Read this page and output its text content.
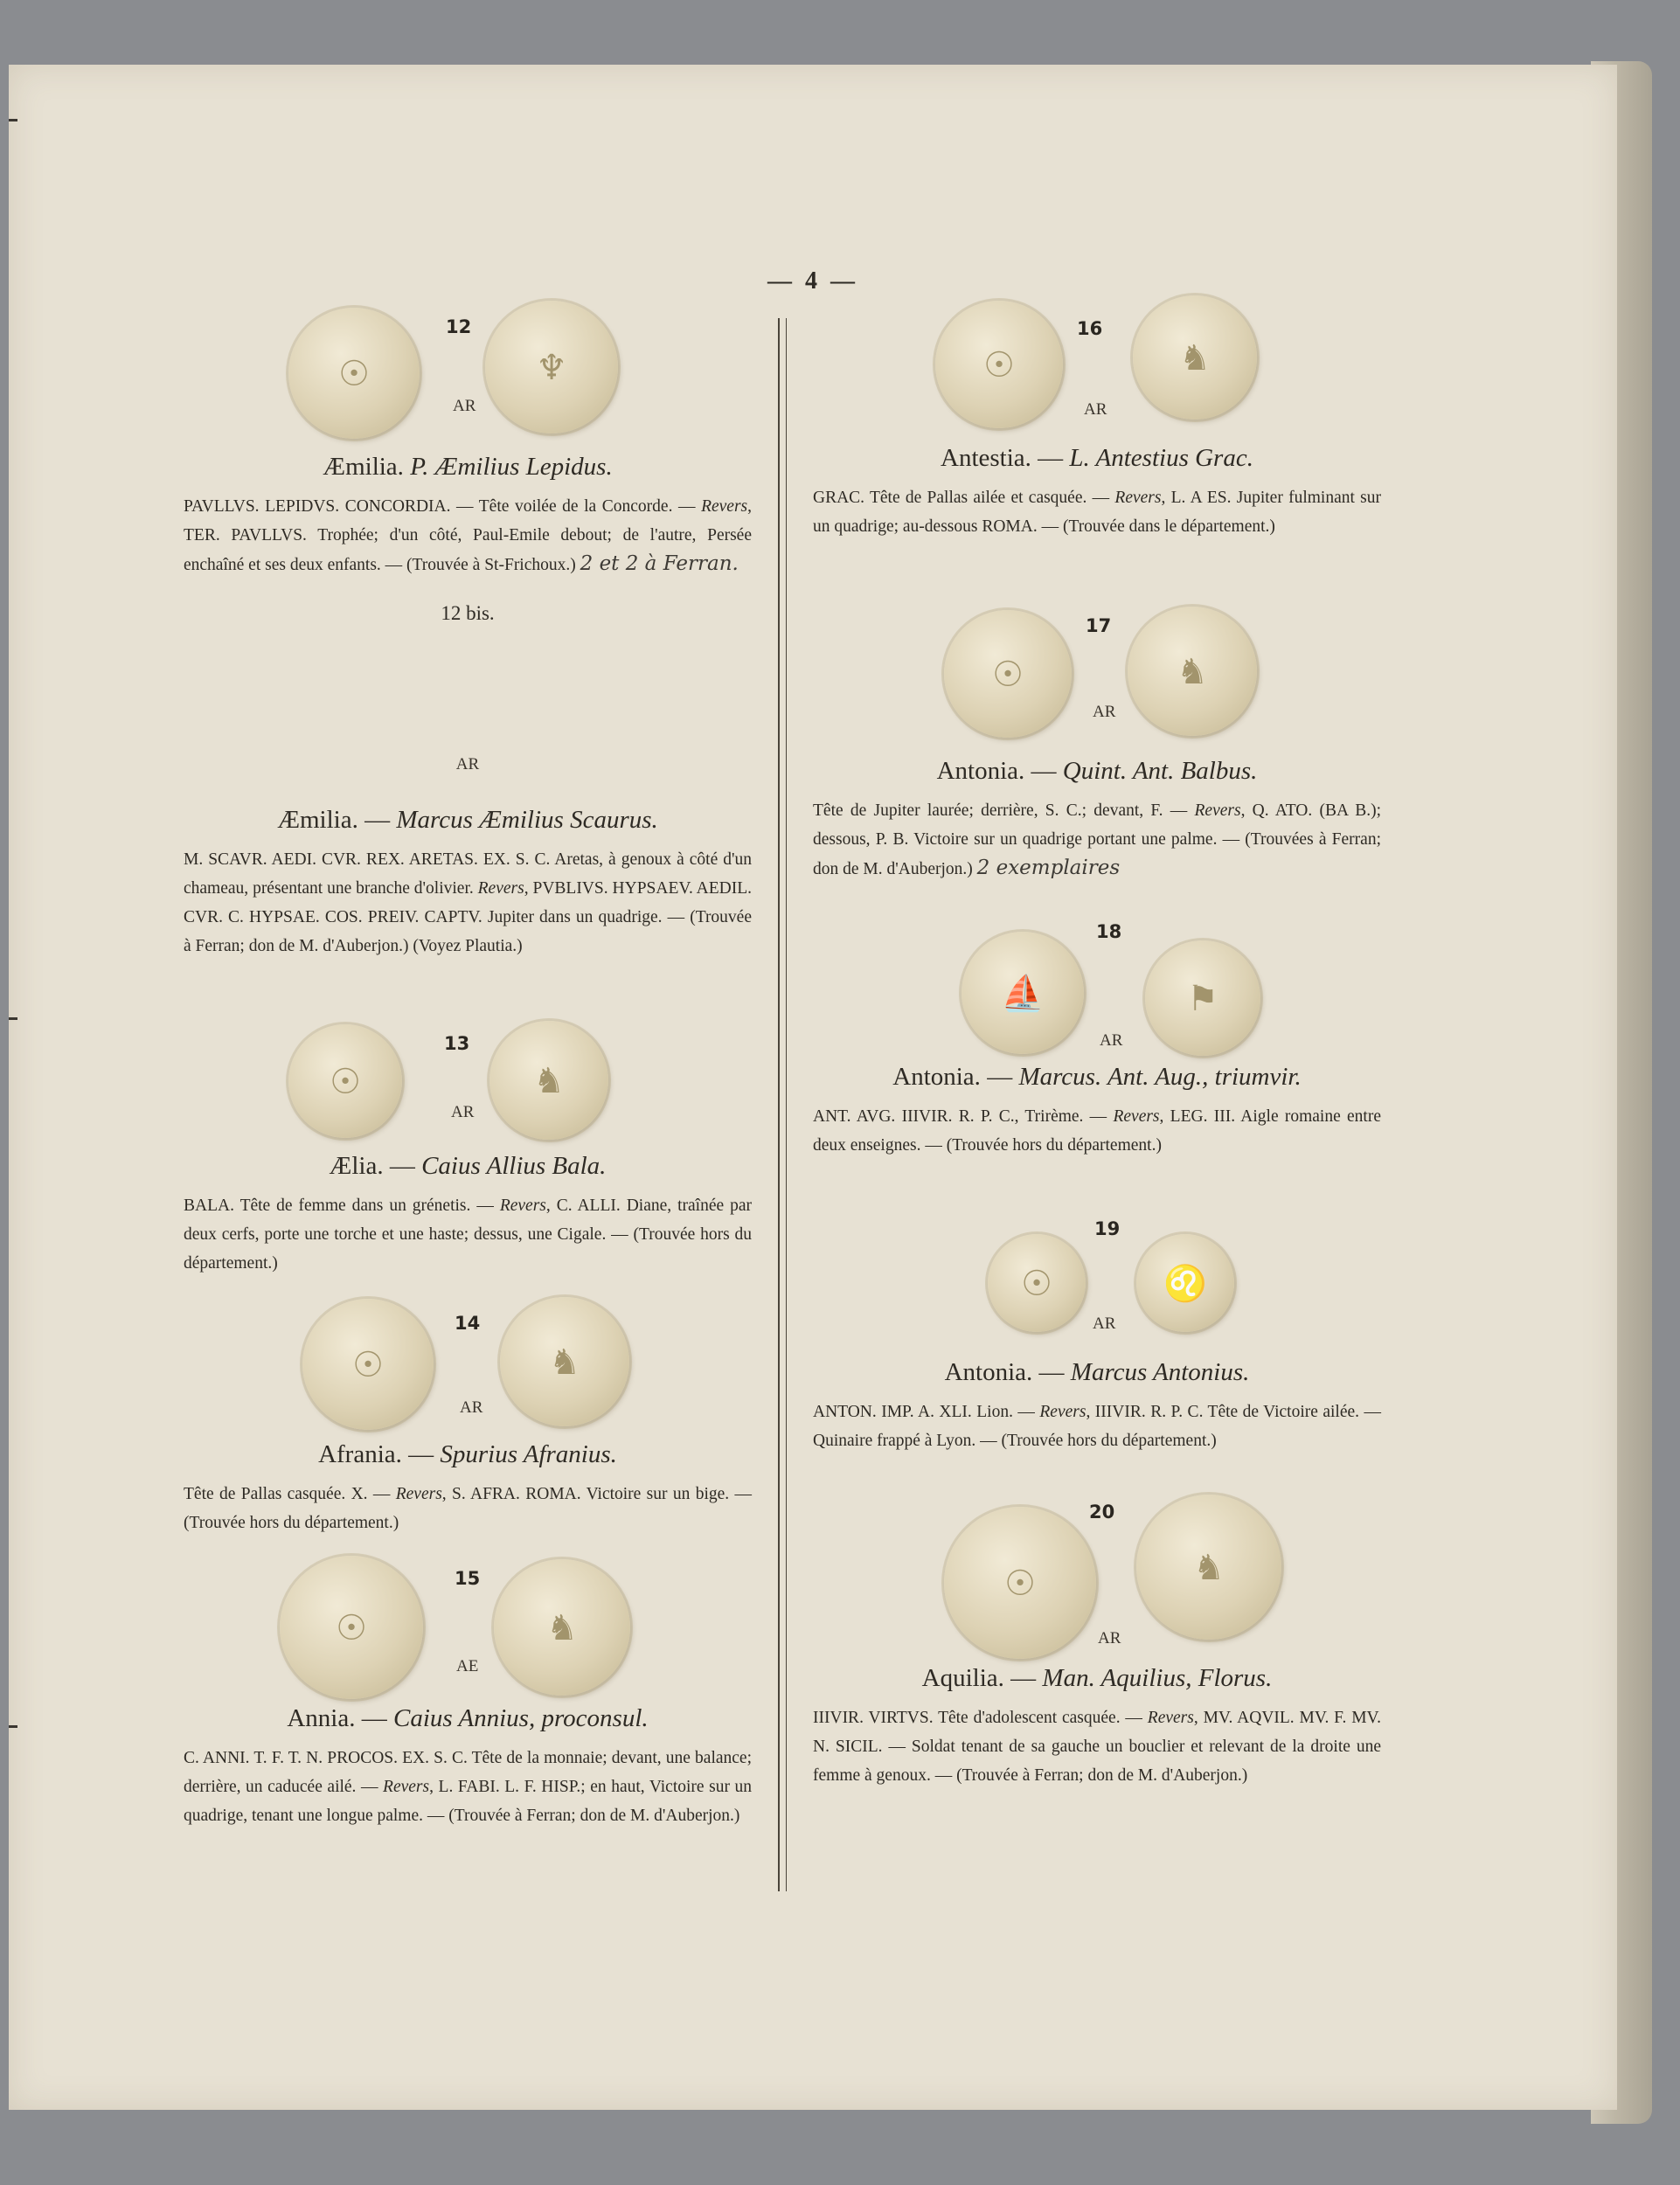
— 4 —
☉
12
AR
♆
Æmilia. P. Æmilius Lepidus.
PAVLLVS. LEPIDVS. CONCORDIA. — Tête voilée de la Concorde. — Revers, TER. PAVLLVS. Trophée; d'un côté, Paul-Emile debout; de l'autre, Persée enchaîné et ses deux enfants. — (Trouvée à St-Frichoux.) 2 et 2 à Ferran.
12 bis.
AR
Æmilia. — Marcus Æmilius Scaurus.
M. SCAVR. AEDI. CVR. REX. ARETAS. EX. S. C. Aretas, à genoux à côté d'un chameau, présentant une branche d'olivier. Revers, PVBLIVS. HYPSAEV. AEDIL. CVR. C. HYPSAE. COS. PREIV. CAPTV. Jupiter dans un quadrige. — (Trouvée à Ferran; don de M. d'Auberjon.) (Voyez Plautia.)
☉
13
AR
♞
Ælia. — Caius Allius Bala.
BALA. Tête de femme dans un grénetis. — Revers, C. ALLI. Diane, traînée par deux cerfs, porte une torche et une haste; dessus, une Cigale. — (Trouvée hors du département.)
☉
14
AR
♞
Afrania. — Spurius Afranius.
Tête de Pallas casquée. X. — Revers, S. AFRA. ROMA. Victoire sur un bige. — (Trouvée hors du département.)
☉
15
AE
♞
Annia. — Caius Annius, proconsul.
C. ANNI. T. F. T. N. PROCOS. EX. S. C. Tête de la monnaie; devant, une balance; derrière, un caducée ailé. — Revers, L. FABI. L. F. HISP.; en haut, Victoire sur un quadrige, tenant une longue palme. — (Trouvée à Ferran; don de M. d'Auberjon.)
☉
16
AR
♞
Antestia. — L. Antestius Grac.
GRAC. Tête de Pallas ailée et casquée. — Revers, L. A ES. Jupiter fulminant sur un quadrige; au-dessous ROMA. — (Trouvée dans le département.)
☉
17
AR
♞
Antonia. — Quint. Ant. Balbus.
Tête de Jupiter laurée; derrière, S. C.; devant, F. — Revers, Q. ATO. (BA B.); dessous, P. B. Victoire sur un quadrige portant une palme. — (Trouvées à Ferran; don de M. d'Auberjon.) 2 exemplaires
⛵
18
AR
⚑
Antonia. — Marcus. Ant. Aug., triumvir.
ANT. AVG. IIIVIR. R. P. C., Trirème. — Revers, LEG. III. Aigle romaine entre deux enseignes. — (Trouvée hors du département.)
☉
19
AR
♌
Antonia. — Marcus Antonius.
ANTON. IMP. A. XLI. Lion. — Revers, IIIVIR. R. P. C. Tête de Victoire ailée. — Quinaire frappé à Lyon. — (Trouvée hors du département.)
☉
20
AR
♞
Aquilia. — Man. Aquilius, Florus.
IIIVIR. VIRTVS. Tête d'adolescent casquée. — Revers, MV. AQVIL. MV. F. MV. N. SICIL. — Soldat tenant de sa gauche un bouclier et relevant de la droite une femme à genoux. — (Trouvée à Ferran; don de M. d'Auberjon.)
